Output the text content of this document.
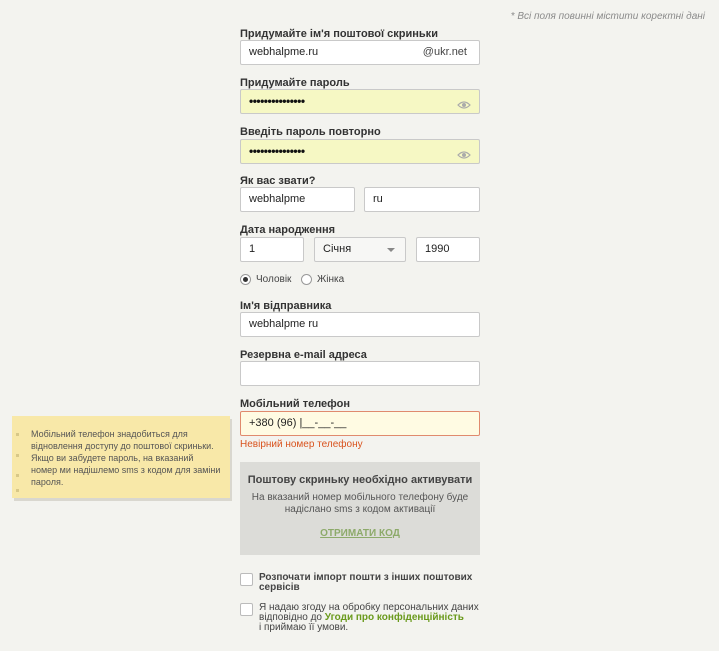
* Всі поля повинні містити коректні дані
Придумайте ім'я поштової скриньки
webhalpme.ru	@ukr.net
Придумайте пароль
•••••••••••••••
Введіть пароль повторно
•••••••••••••••
Як вас звати?
webhalpme	ru
Дата народження
1	Січня	1990
Чоловік	Жінка
Ім'я відправника
webhalpme ru
Резервна e-mail адреса
Мобільний телефон
+380 (96) |__-__-__
Невірний номер телефону
Мобільний телефон знадобиться для відновлення доступу до поштової скриньки. Якщо ви забудете пароль, на вказаний номер ми надішлемо sms з кодом для заміни пароля.	Поштову скриньку необхідно активувати
На вказаний номер мобільного телефону буде надіслано sms з кодом активації
ОТРИМАТИ КОД
Розпочати імпорт пошти з інших поштових сервісів
Я надаю згоду на обробку персональних даних відповідно до Угоди про конфіденційність
і приймаю її умови.
